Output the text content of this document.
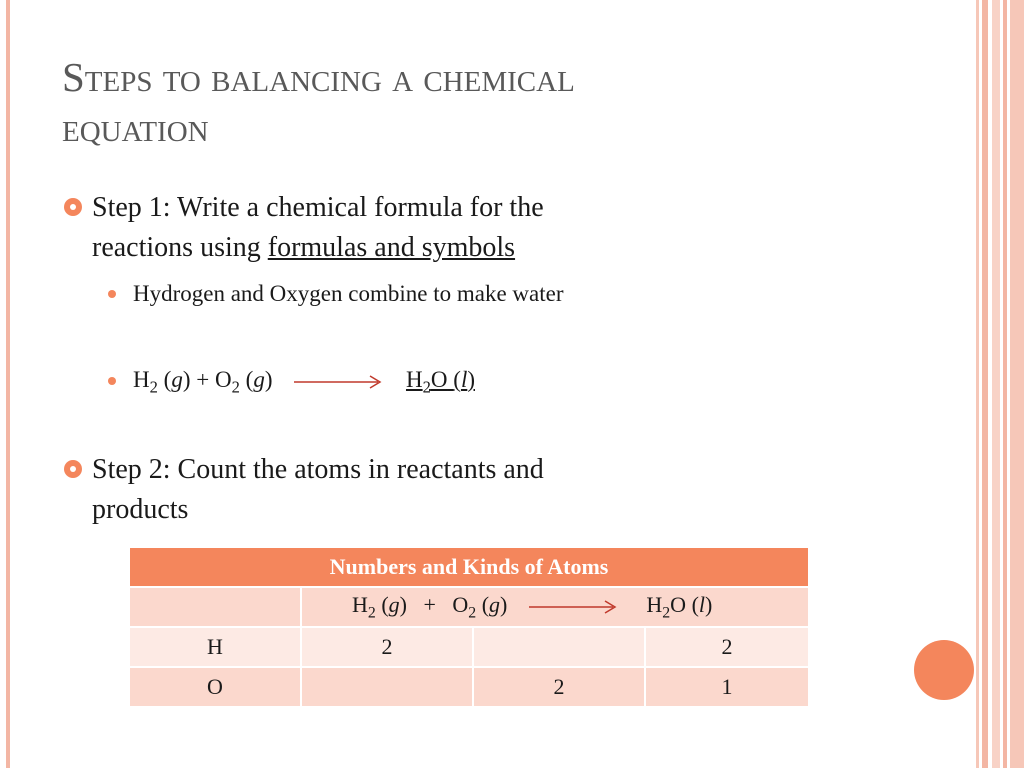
Steps to balancing a chemical
equation
Step 1: Write a chemical formula for the
reactions using formulas and symbols
Hydrogen and Oxygen combine to make water
$H_2$ $(g) + O_2$ (g)	$H_2O$ (l)
Step 2: Count the atoms in reactants and
products
Numbers and Kinds of Atoms			
	$H_2$ $(g) + O_2$ (g) $H_2O$ (l)		
H	2		2
O		2	1
